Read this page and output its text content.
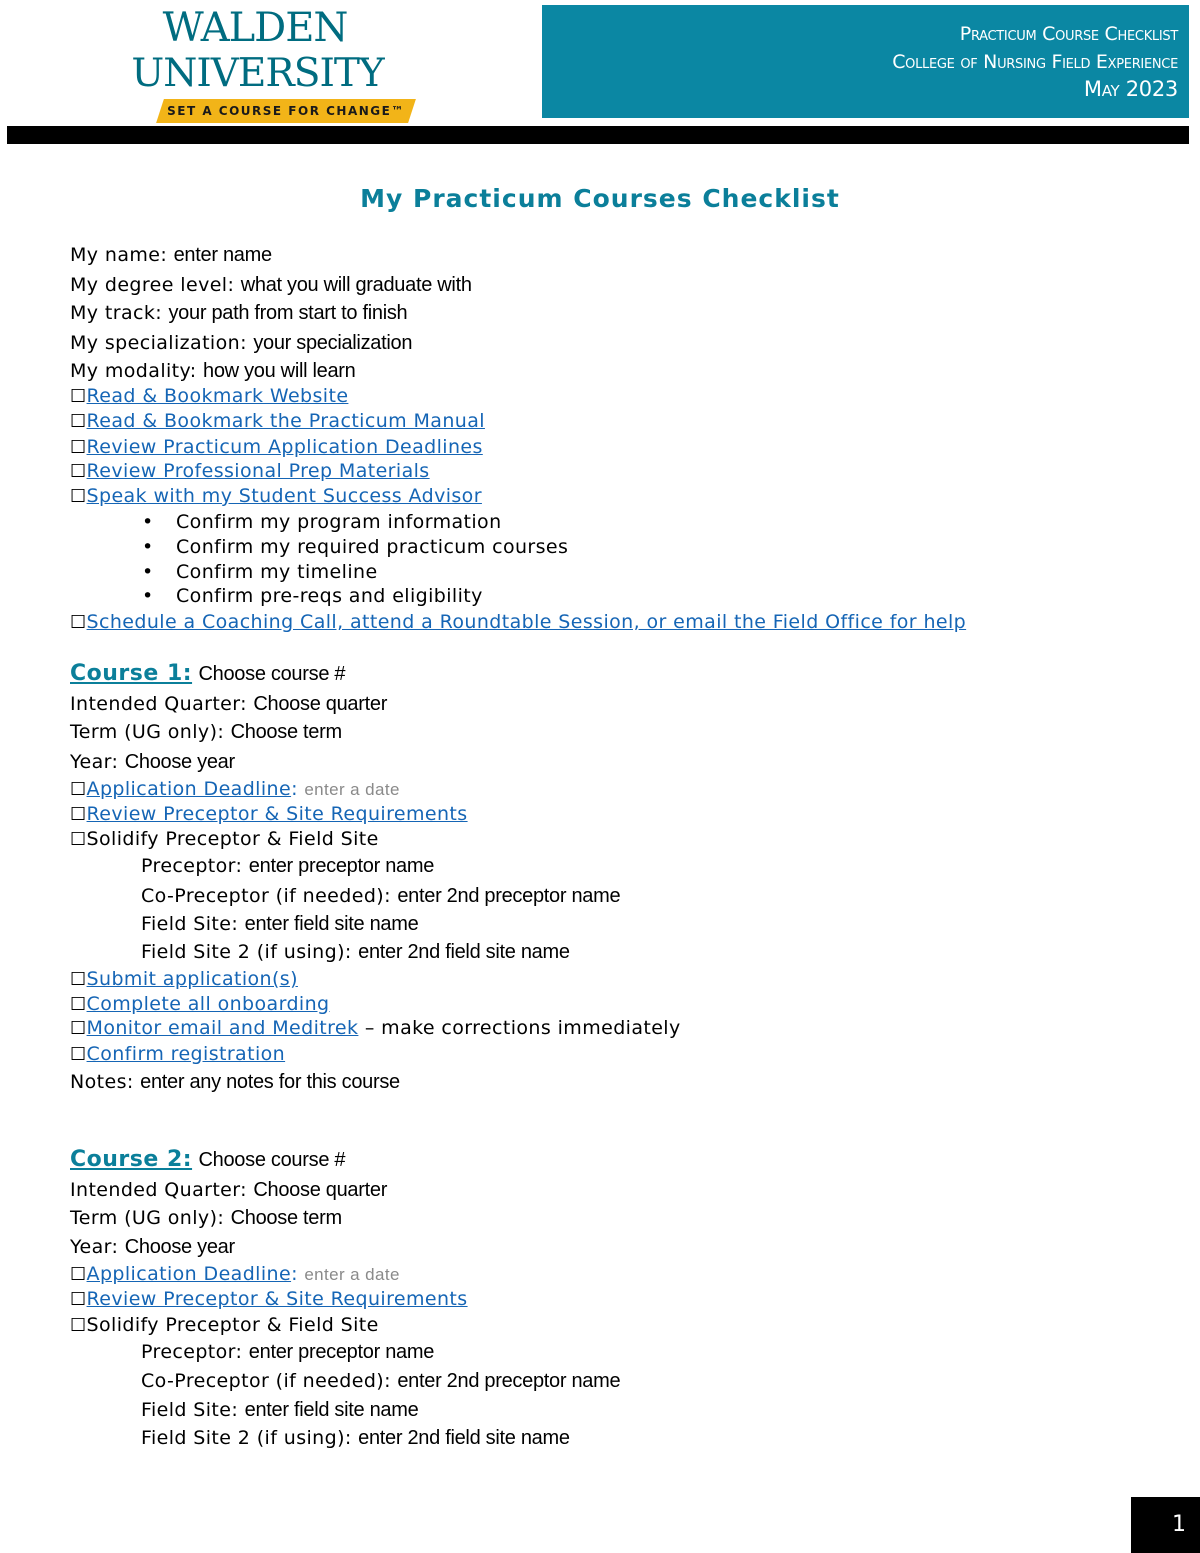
WALDEN
UNIVERSITY
SET A COURSE FOR CHANGE™
Practicum Course Checklist
College of Nursing Field Experience
May 2023
My Practicum Courses Checklist
My name: enter name
My degree level: what you will graduate with
My track: your path from start to finish
My specialization: your specialization
My modality: how you will learn
☐Read & Bookmark Website
☐Read & Bookmark the Practicum Manual
☐Review Practicum Application Deadlines
☐Review Professional Prep Materials
☐Speak with my Student Success Advisor
• Confirm my program information
• Confirm my required practicum courses
• Confirm my timeline
• Confirm pre-reqs and eligibility
☐Schedule a Coaching Call, attend a Roundtable Session, or email the Field Office for help
Course 1: Choose course #
Intended Quarter: Choose quarter
Term (UG only): Choose term
Year: Choose year
☐Application Deadline: enter a date
☐Review Preceptor & Site Requirements
☐Solidify Preceptor & Field Site
Preceptor: enter preceptor name
Co-Preceptor (if needed): enter 2nd preceptor name
Field Site: enter field site name
Field Site 2 (if using): enter 2nd field site name
☐Submit application(s)
☐Complete all onboarding
☐Monitor email and Meditrek – make corrections immediately
☐Confirm registration
Notes: enter any notes for this course
Course 2: Choose course #
Intended Quarter: Choose quarter
Term (UG only): Choose term
Year: Choose year
☐Application Deadline: enter a date
☐Review Preceptor & Site Requirements
☐Solidify Preceptor & Field Site
Preceptor: enter preceptor name
Co-Preceptor (if needed): enter 2nd preceptor name
Field Site: enter field site name
Field Site 2 (if using): enter 2nd field site name
1
